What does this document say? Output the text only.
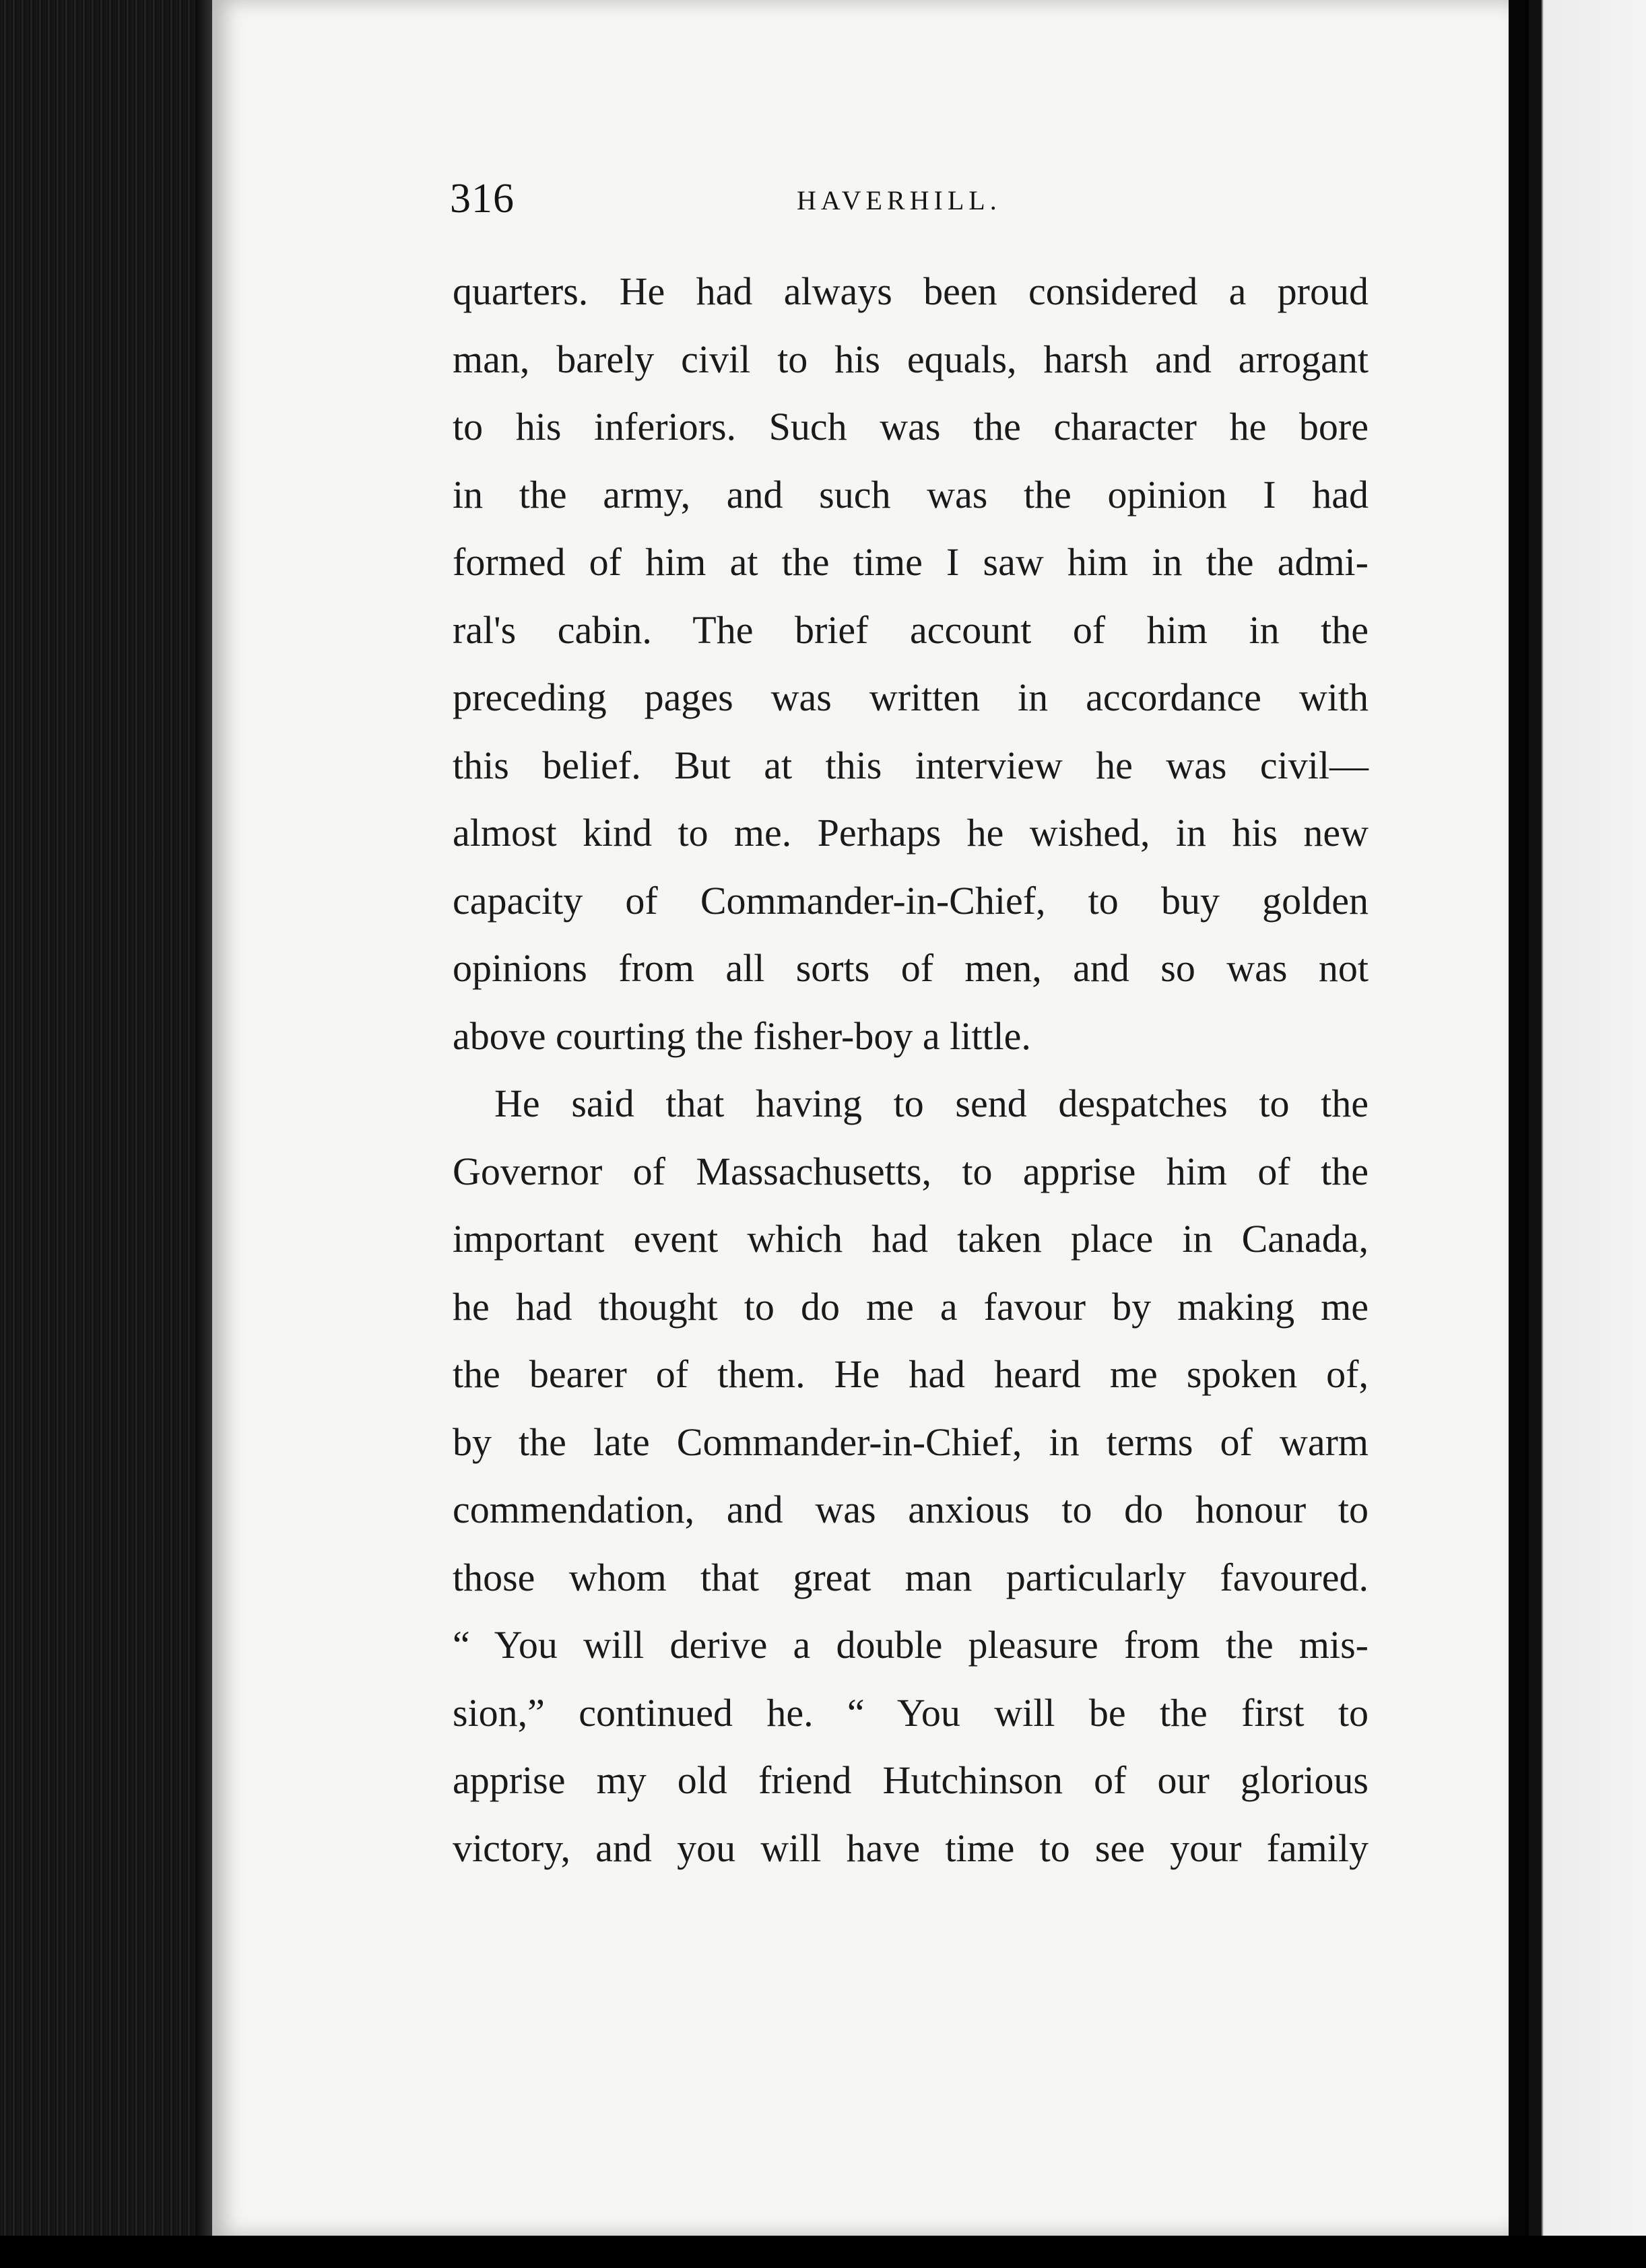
316	HAVERHILL.
quarters. He had always been considered a proud
man, barely civil to his equals, harsh and arrogant
to his inferiors. Such was the character he bore
in the army, and such was the opinion I had
formed of him at the time I saw him in the admi-
ral's cabin. The brief account of him in the
preceding pages was written in accordance with
this belief. But at this interview he was civil—
almost kind to me. Perhaps he wished, in his new
capacity of Commander-in-Chief, to buy golden
opinions from all sorts of men, and so was not
above courting the fisher-boy a little.
He said that having to send despatches to the
Governor of Massachusetts, to apprise him of the
important event which had taken place in Canada,
he had thought to do me a favour by making me
the bearer of them. He had heard me spoken of,
by the late Commander-in-Chief, in terms of warm
commendation, and was anxious to do honour to
those whom that great man particularly favoured.
“ You will derive a double pleasure from the mis-
sion,” continued he. “ You will be the first to
apprise my old friend Hutchinson of our glorious
victory, and you will have time to see your family
